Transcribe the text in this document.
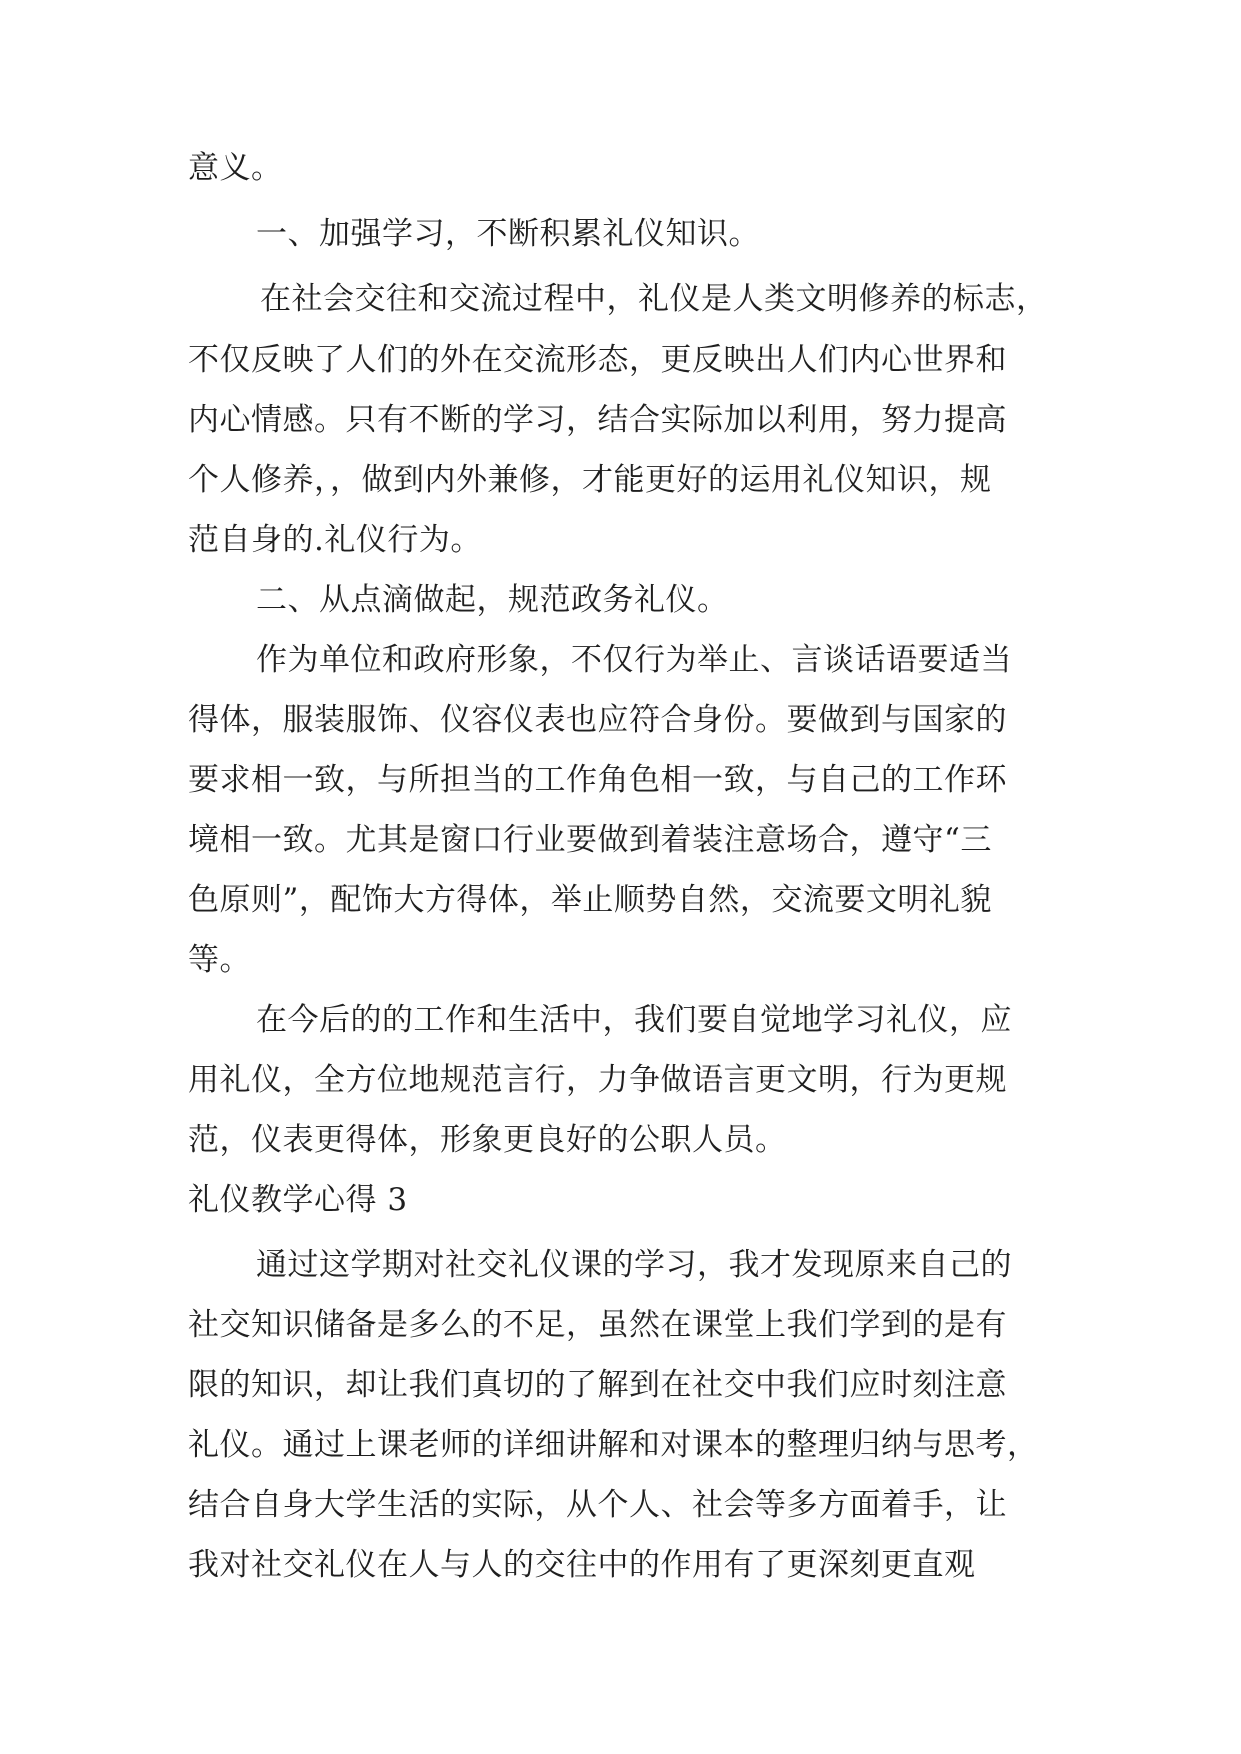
意义。
一、加强学习，不断积累礼仪知识。
在社会交往和交流过程中，礼仪是人类文明修养的标志，
不仅反映了人们的外在交流形态，更反映出人们内心世界和
内心情感。只有不断的学习，结合实际加以利用，努力提高
个人修养，，做到内外兼修，才能更好的运用礼仪知识，规
范自身的.礼仪行为。
二、从点滴做起，规范政务礼仪。
作为单位和政府形象，不仅行为举止、言谈话语要适当
得体，服装服饰、仪容仪表也应符合身份。要做到与国家的
要求相一致，与所担当的工作角色相一致，与自己的工作环
境相一致。尤其是窗口行业要做到着装注意场合，遵守“三
色原则”，配饰大方得体，举止顺势自然，交流要文明礼貌
等。
在今后的的工作和生活中，我们要自觉地学习礼仪，应
用礼仪，全方位地规范言行，力争做语言更文明，行为更规
范，仪表更得体，形象更良好的公职人员。
礼仪教学心得 3
通过这学期对社交礼仪课的学习，我才发现原来自己的
社交知识储备是多么的不足，虽然在课堂上我们学到的是有
限的知识，却让我们真切的了解到在社交中我们应时刻注意
礼仪。通过上课老师的详细讲解和对课本的整理归纳与思考，
结合自身大学生活的实际，从个人、社会等多方面着手，让
我对社交礼仪在人与人的交往中的作用有了更深刻更直观
